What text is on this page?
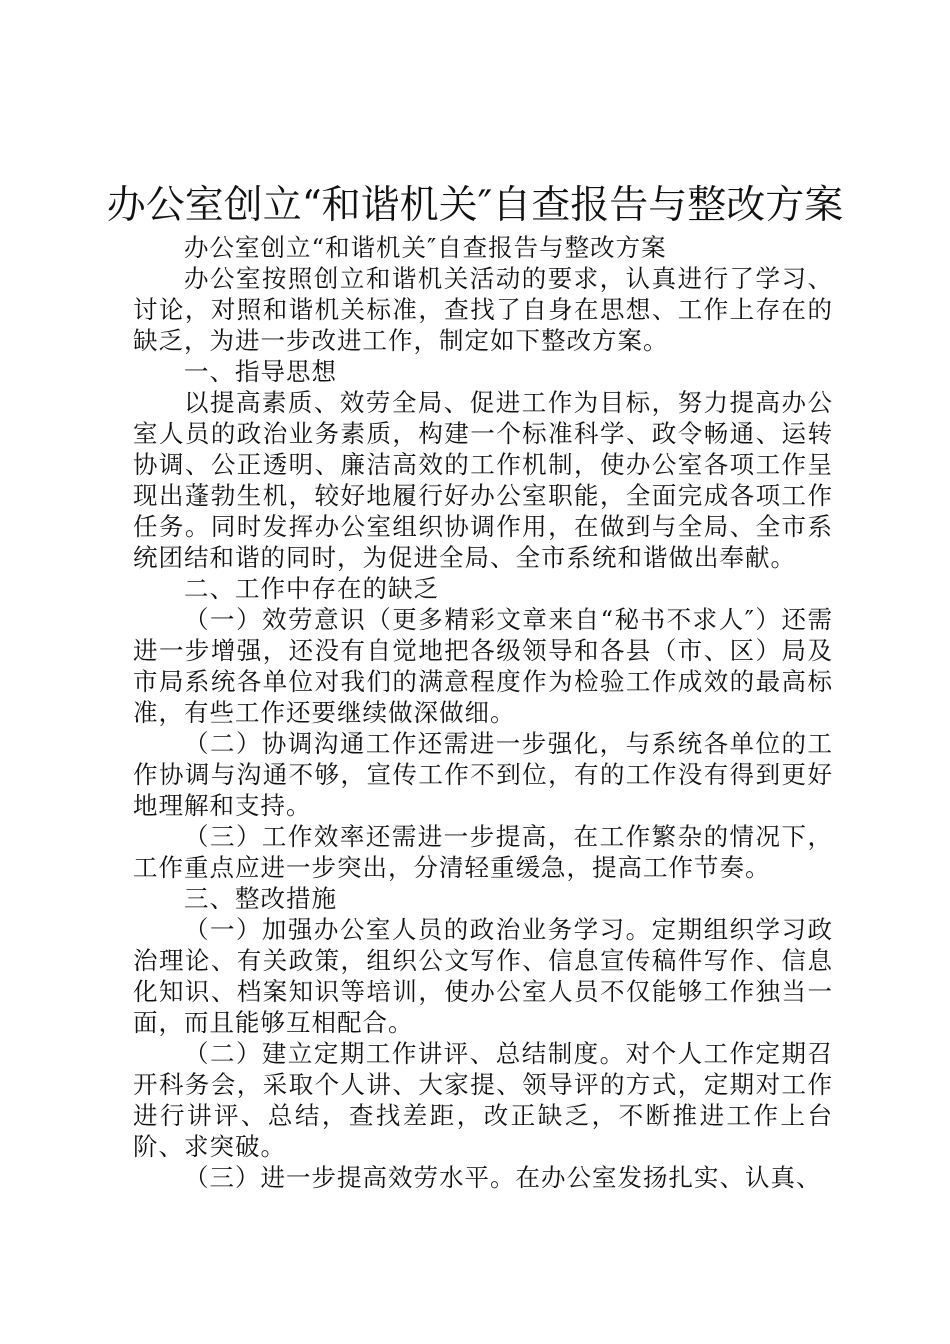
办公室创立“和谐机关″自查报告与整改方案

办公室创立“和谐机关″自查报告与整改方案

办公室按照创立和谐机关活动的要求，认真进行了学习、讨论，对照和谐机关标准，查找了自身在思想、工作上存在的缺乏，为进一步改进工作，制定如下整改方案。

一、指导思想

以提高素质、效劳全局、促进工作为目标，努力提高办公室人员的政治业务素质，构建一个标准科学、政令畅通、运转协调、公正透明、廉洁高效的工作机制，使办公室各项工作呈现出蓬勃生机，较好地履行好办公室职能，全面完成各项工作任务。同时发挥办公室组织协调作用，在做到与全局、全市系统团结和谐的同时，为促进全局、全市系统和谐做出奉献。

二、工作中存在的缺乏

（一）效劳意识（更多精彩文章来自“秘书不求人″）还需进一步增强，还没有自觉地把各级领导和各县（市、区）局及市局系统各单位对我们的满意程度作为检验工作成效的最高标准，有些工作还要继续做深做细。

（二）协调沟通工作还需进一步强化，与系统各单位的工作协调与沟通不够，宣传工作不到位，有的工作没有得到更好地理解和支持。

（三）工作效率还需进一步提高，在工作繁杂的情况下，工作重点应进一步突出，分清轻重缓急，提高工作节奏。

三、整改措施

（一）加强办公室人员的政治业务学习。定期组织学习政治理论、有关政策，组织公文写作、信息宣传稿件写作、信息化知识、档案知识等培训，使办公室人员不仅能够工作独当一面，而且能够互相配合。

（二）建立定期工作讲评、总结制度。对个人工作定期召开科务会，采取个人讲、大家提、领导评的方式，定期对工作进行讲评、总结，查找差距，改正缺乏，不断推进工作上台阶、求突破。

（三）进一步提高效劳水平。在办公室发扬扎实、认真、
